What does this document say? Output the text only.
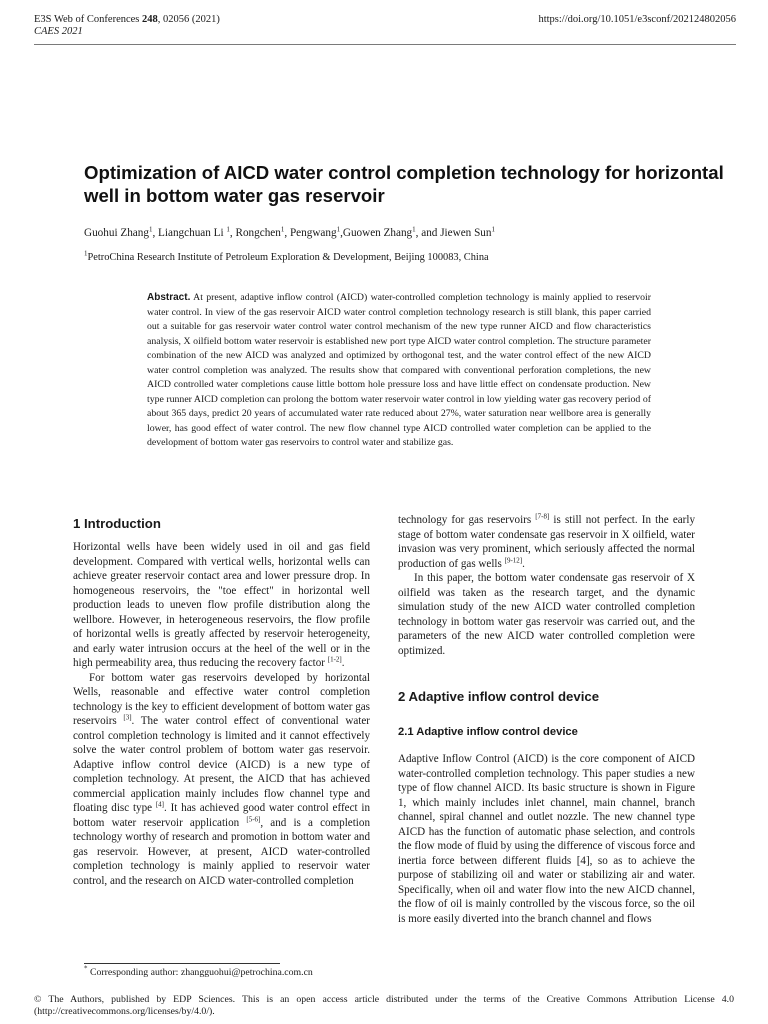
E3S Web of Conferences 248, 02056 (2021)
CAES 2021
https://doi.org/10.1051/e3sconf/202124802056
Optimization of AICD water control completion technology for horizontal well in bottom water gas reservoir
Guohui Zhang$^1$, Liangchuan Li $^1$, Rongchen$^1$, Pengwang$^1$,Guowen Zhang$^1$, and Jiewen Sun$^1$
$^1$PetroChina Research Institute of Petroleum Exploration & Development, Beijing 100083, China
Abstract. At present, adaptive inflow control (AICD) water-controlled completion technology is mainly applied to reservoir water control. In view of the gas reservoir AICD water control completion technology research is still blank, this paper carried out a suitable for gas reservoir water control water control mechanism of the new type runner AICD and flow characteristics analysis, X oilfield bottom water reservoir is established new port type AICD water control completion. The structure parameter combination of the new AICD was analyzed and optimized by orthogonal test, and the water control effect of the new AICD water control completion was analyzed. The results show that compared with conventional perforation completions, the new AICD controlled water completions cause little bottom hole pressure loss and have little effect on condensate production. New type runner AICD completion can prolong the bottom water reservoir water control in low yielding water gas recovery period of about 365 days, predict 20 years of accumulated water rate reduced about 27%, water saturation near wellbore area is generally lower, has good effect of water control. The new flow channel type AICD controlled water completion can be applied to the development of bottom water gas reservoirs to control water and stabilize gas.
1 Introduction

Horizontal wells have been widely used in oil and gas field development. Compared with vertical wells, horizontal wells can achieve greater reservoir contact area and lower pressure drop. In homogeneous reservoirs, the "toe effect" in horizontal well production leads to uneven flow profile distribution along the wellbore. However, in heterogeneous reservoirs, the flow profile of horizontal wells is greatly affected by reservoir heterogeneity, and early water intrusion occurs at the heel of the well or in the high permeability area, thus reducing the recovery factor [1-2].

For bottom water gas reservoirs developed by horizontal Wells, reasonable and effective water control completion technology is the key to efficient development of bottom water gas reservoirs [3]. The water control effect of conventional water control completion technology is limited and it cannot effectively solve the water control problem of bottom water gas reservoir. Adaptive inflow control device (AICD) is a new type of completion technology. At present, the AICD that has achieved commercial application mainly includes flow channel type and floating disc type [4]. It has achieved good water control effect in bottom water reservoir application [5-6], and is a completion technology worthy of research and promotion in bottom water and gas reservoir. However, at present, AICD water-controlled completion technology is mainly applied to reservoir water control, and the research on AICD water-controlled completion

technology for gas reservoirs [7-8] is still not perfect. In the early stage of bottom water condensate gas reservoir in X oilfield, water invasion was very prominent, which seriously affected the normal production of gas wells [9-12].

In this paper, the bottom water condensate gas reservoir of X oilfield was taken as the research target, and the dynamic simulation study of the new AICD water controlled completion technology in bottom water gas reservoir was carried out, and the parameters of the new AICD water controlled completion were optimized.

2 Adaptive inflow control device
2.1 Adaptive inflow control device

Adaptive Inflow Control (AICD) is the core component of AICD water-controlled completion technology. This paper studies a new type of flow channel AICD. Its basic structure is shown in Figure 1, which mainly includes inlet channel, main channel, branch channel, spiral channel and outlet nozzle. The new channel type AICD has the function of automatic phase selection, and controls the flow mode of fluid by using the difference of viscous force and inertia force between different fluids [4], so as to achieve the purpose of stabilizing oil and water or stabilizing air and water. Specifically, when oil and water flow into the new AICD channel, the flow of oil is mainly controlled by the viscous force, so the oil is more easily diverted into the branch channel and flows

* Corresponding author: zhangguohui@petrochina.com.cn
© The Authors, published by EDP Sciences. This is an open access article distributed under the terms of the Creative Commons Attribution License 4.0 (http://creativecommons.org/licenses/by/4.0/).
